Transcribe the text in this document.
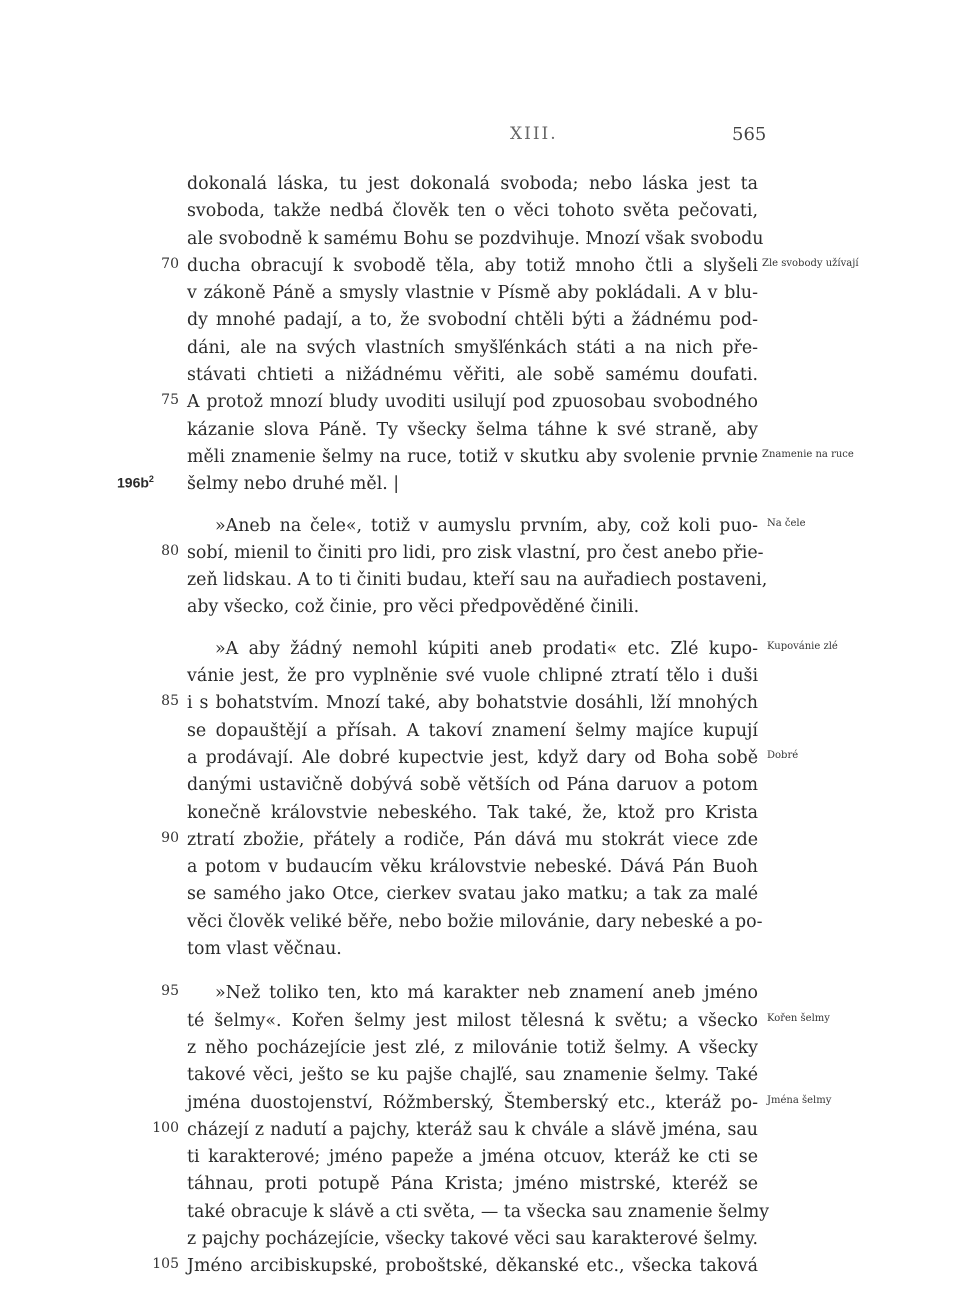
XIII.	565
dokonalá láska, tu jest dokonalá svoboda; nebo láska jest ta
svoboda, takže nedbá člověk ten o věci tohoto světa pečovati,
ale svobodně k samému Bohu se pozdvihuje. Mnozí však svobodu
ducha obracují k svobodě těla, aby totiž mnoho čtli a slyšeli
70	Zle svobody užívají
v zákoně Páně a smysly vlastnie v Písmě aby pokládali. A v blu-
dy mnohé padají, a to, že svobodní chtěli býti a žádnému pod-
dáni, ale na svých vlastních smyšľénkách státi a na nich pře-
stávati chtieti a nižádnému věřiti, ale sobě samému doufati.
A protož mnozí bludy uvoditi usilují pod zpuosobau svobodného
75
kázanie slova Páně. Ty všecky šelma táhne k své straně, aby
měli znamenie šelmy na ruce, totiž v skutku aby svolenie prvnie Znamenie na ruce
šelmy nebo druhé měl. |
$196b^2$
»Aneb na čele«, totiž v aumyslu prvním, aby, což koli puo- Na čele
sobí, mienil to činiti pro lidi, pro zisk vlastní, pro čest anebo přie-
80
zeň lidskau. A to ti činiti budau, kteří sau na auřadiech postaveni,
aby všecko, což činie, pro věci předpověděné činili.
»A aby žádný nemohl kúpiti aneb prodati« etc. Zlé kupo- Kupovánie zlé
vánie jest, že pro vyplněnie své vuole chlipné ztratí tělo i duši
i s bohatstvím. Mnozí také, aby bohatstvie dosáhli, lží mnohých
85
se dopauštějí a přísah. A takoví znamení šelmy majíce kupují
a prodávají. Ale dobré kupectvie jest, když dary od Boha sobě Dobré
danými ustavičně dobývá sobě větších od Pána daruov a potom
konečně královstvie nebeského. Tak také, že, ktož pro Krista
ztratí zbožie, přátely a rodiče, Pán dává mu stokrát viece zde
90
a potom v budaucím věku královstvie nebeské. Dává Pán Buoh
se samého jako Otce, cierkev svatau jako matku; a tak za malé
věci člověk veliké běře, nebo božie milovánie, dary nebeské a po-
tom vlast věčnau.
»Než toliko ten, kto má karakter neb znamení aneb jméno
95
té šelmy«. Kořen šelmy jest milost tělesná k světu; a všecko Kořen šelmy
z něho pocházejície jest zlé, z milovánie totiž šelmy. A všecky
takové věci, ješto se ku pajše chajľé, sau znamenie šelmy. Také
jména duostojenství, Róžmberský, Štemberský etc., kteráž po- Jména šelmy
cházejí z nadutí a pajchy, kteráž sau k chvále a slávě jména, sau
100
ti karakterové; jméno papeže a jména otcuov, kteráž ke cti se
táhnau, proti potupě Pána Krista; jméno mistrské, kteréž se
také obracuje k slávě a cti světa, — ta všecka sau znamenie šelmy
z pajchy pocházejície, všecky takové věci sau karakterové šelmy.
Jméno arcibiskupské, proboštské, děkanské etc., všecka taková
105
